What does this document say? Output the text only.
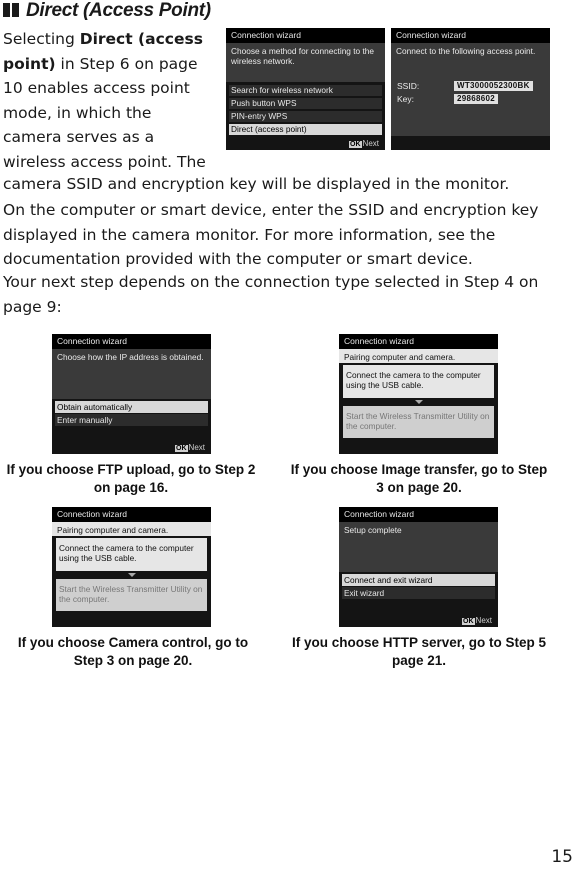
Direct (Access Point)
Selecting Direct (access point) in Step 6 on page 10 enables access point mode, in which the camera serves as a wireless access point. The
camera SSID and encryption key will be displayed in the monitor.
On the computer or smart device, enter the SSID and encryption key displayed in the camera monitor. For more information, see the documentation provided with the computer or smart device.
Your next step depends on the connection type selected in Step 4 on page 9:
Connection wizard
Choose a method for connecting to the wireless network.
Search for wireless network
Push button WPS
PIN-entry WPS
Direct (access point)
OK Next
Connection wizard
Connect to the following access point.
SSID:	WT3000052300BK
Key:	29868602
Connection wizard
Choose how the IP address is obtained.
Obtain automatically
Enter manually
OK Next
Connection wizard
Pairing computer and camera.
Connect the camera to the computer using the USB cable.
Start the Wireless Transmitter Utility on the computer.
If you choose FTP upload, go to Step 2 on page 16.
If you choose Image transfer, go to Step 3 on page 20.
Connection wizard
Pairing computer and camera.
Connect the camera to the computer using the USB cable.
Start the Wireless Transmitter Utility on the computer.
Connection wizard
Setup complete
Connect and exit wizard
Exit wizard
OK Next
If you choose Camera control, go to Step 3 on page 20.
If you choose HTTP server, go to Step 5 page 21.
15
